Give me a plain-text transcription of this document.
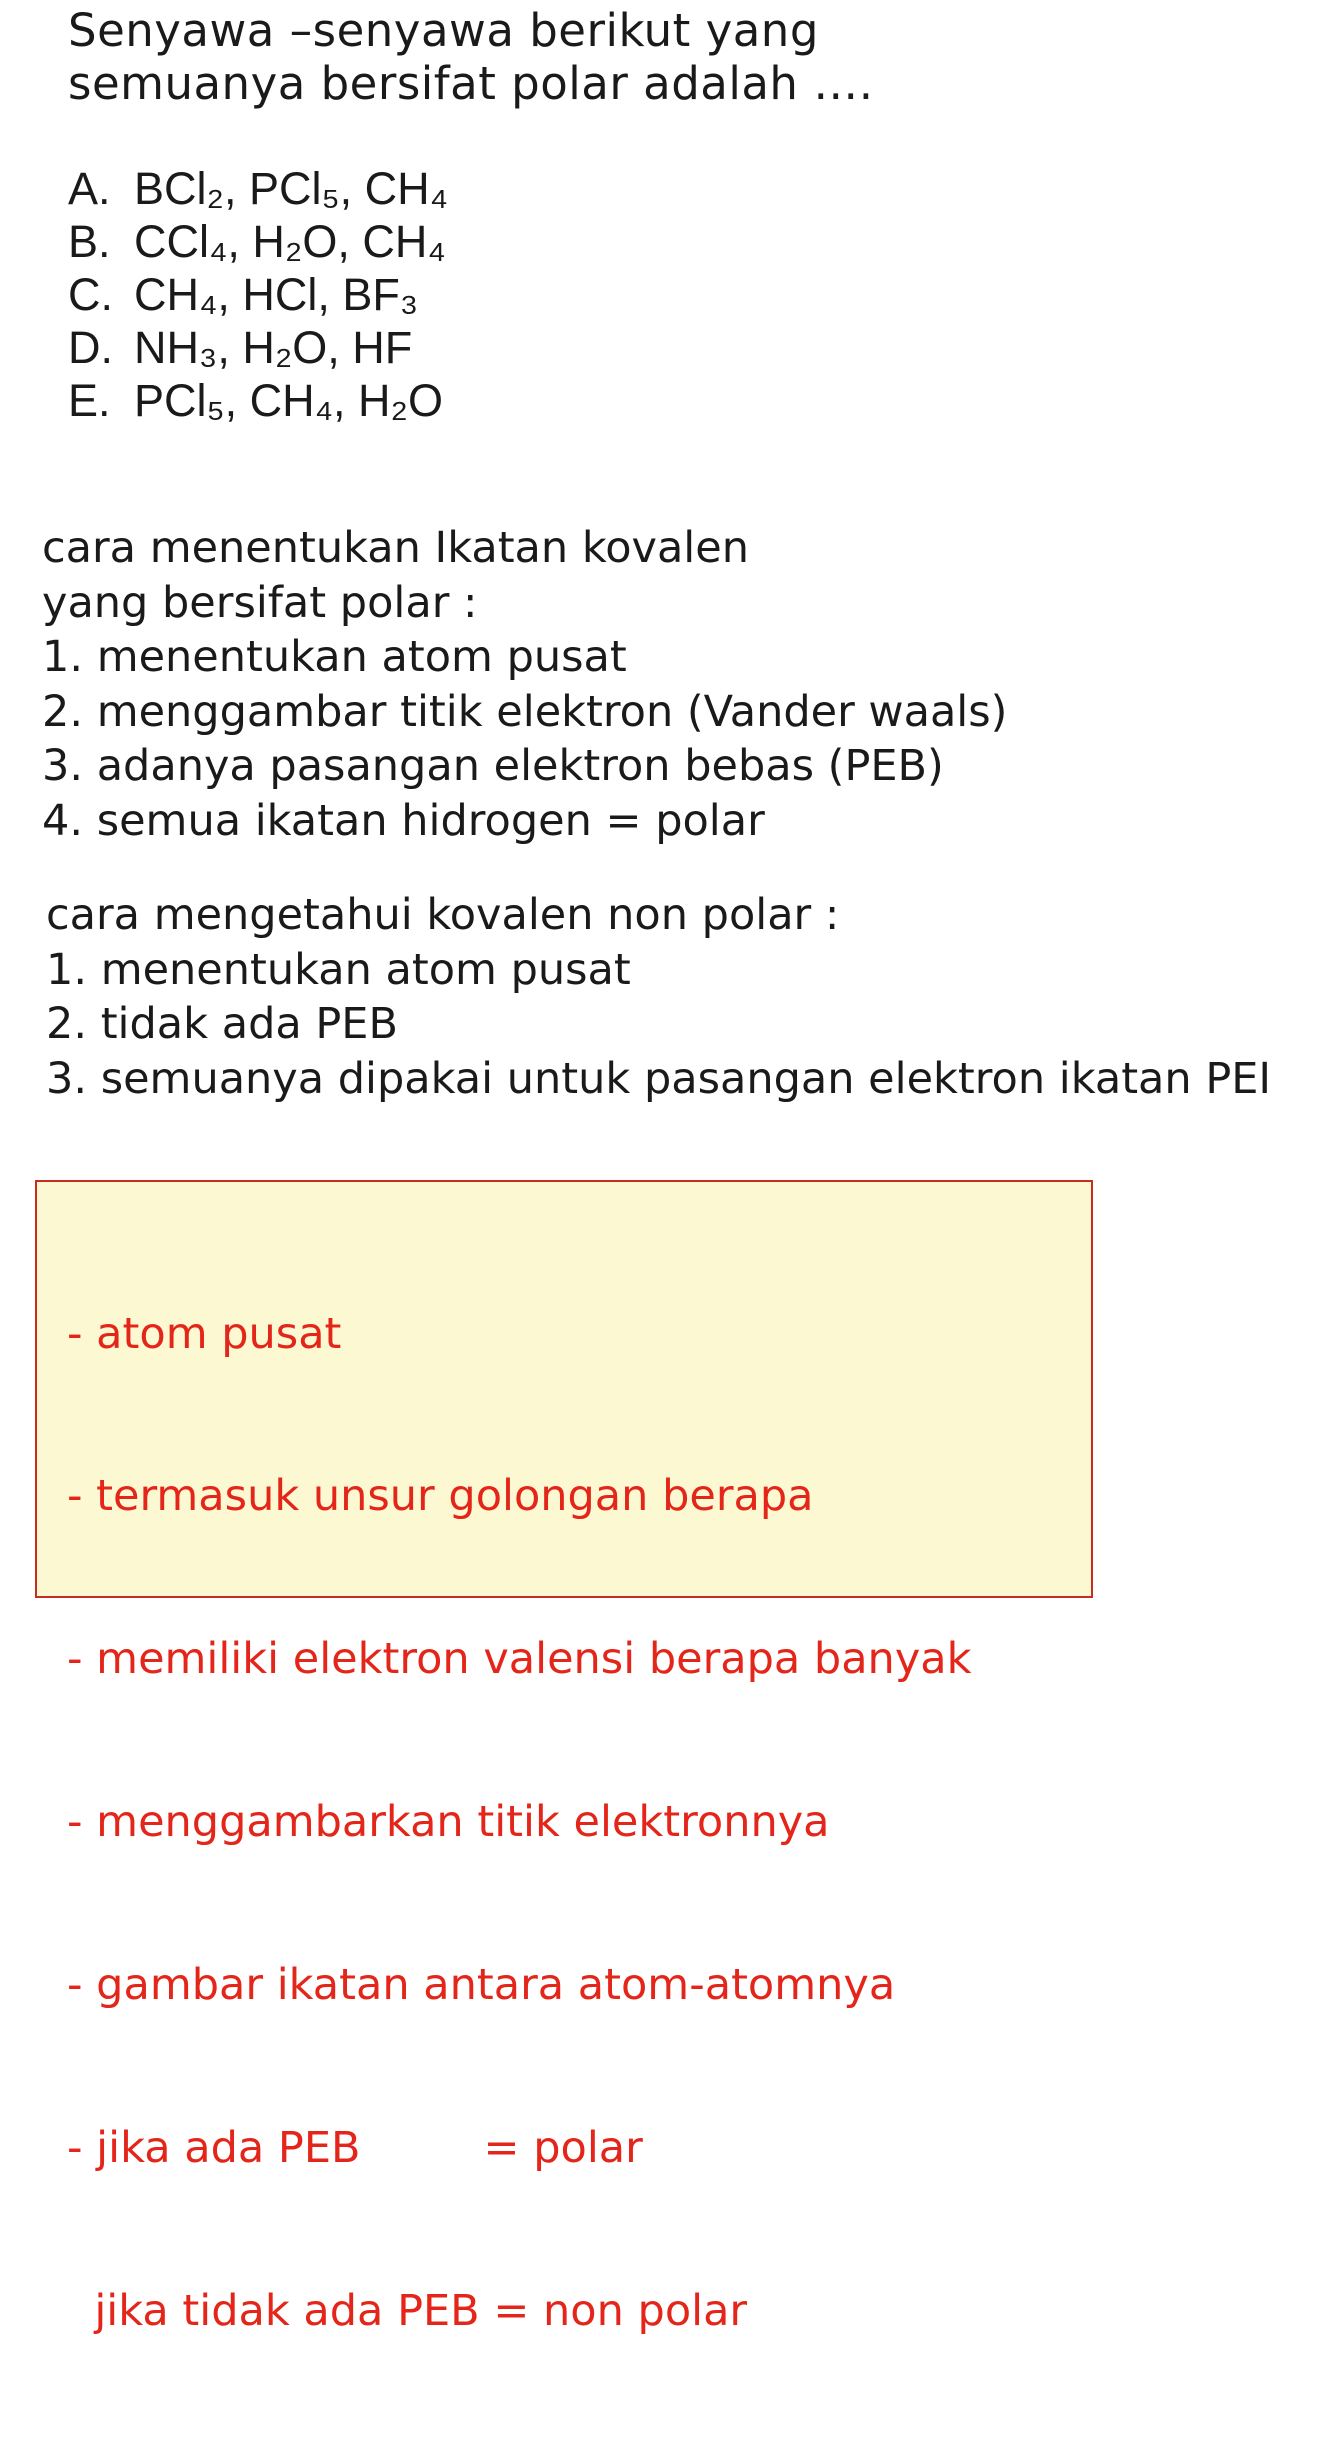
Senyawa –senyawa berikut yang

semuanya bersifat polar adalah ….

A. BCl₂, PCl₅, CH₄
B. CCl₄, H₂O, CH₄
C. CH₄, HCl, BF₃
D. NH₃, H₂O, HF
E. PCl₅, CH₄, H₂O

cara menentukan Ikatan kovalen

yang bersifat polar :

1. menentukan atom pusat

2. menggambar titik elektron (Vander waals)

3. adanya pasangan elektron bebas (PEB)

4. semua ikatan hidrogen = polar

cara mengetahui kovalen non polar :

1. menentukan atom pusat

2. tidak ada PEB

3. semuanya dipakai untuk pasangan elektron ikatan PEI

- atom pusat

- termasuk unsur golongan berapa

- memiliki elektron valensi berapa banyak

- menggambarkan titik elektronnya

- gambar ikatan antara atom-atomnya

- jika ada PEB         = polar

jika tidak ada PEB = non polar
